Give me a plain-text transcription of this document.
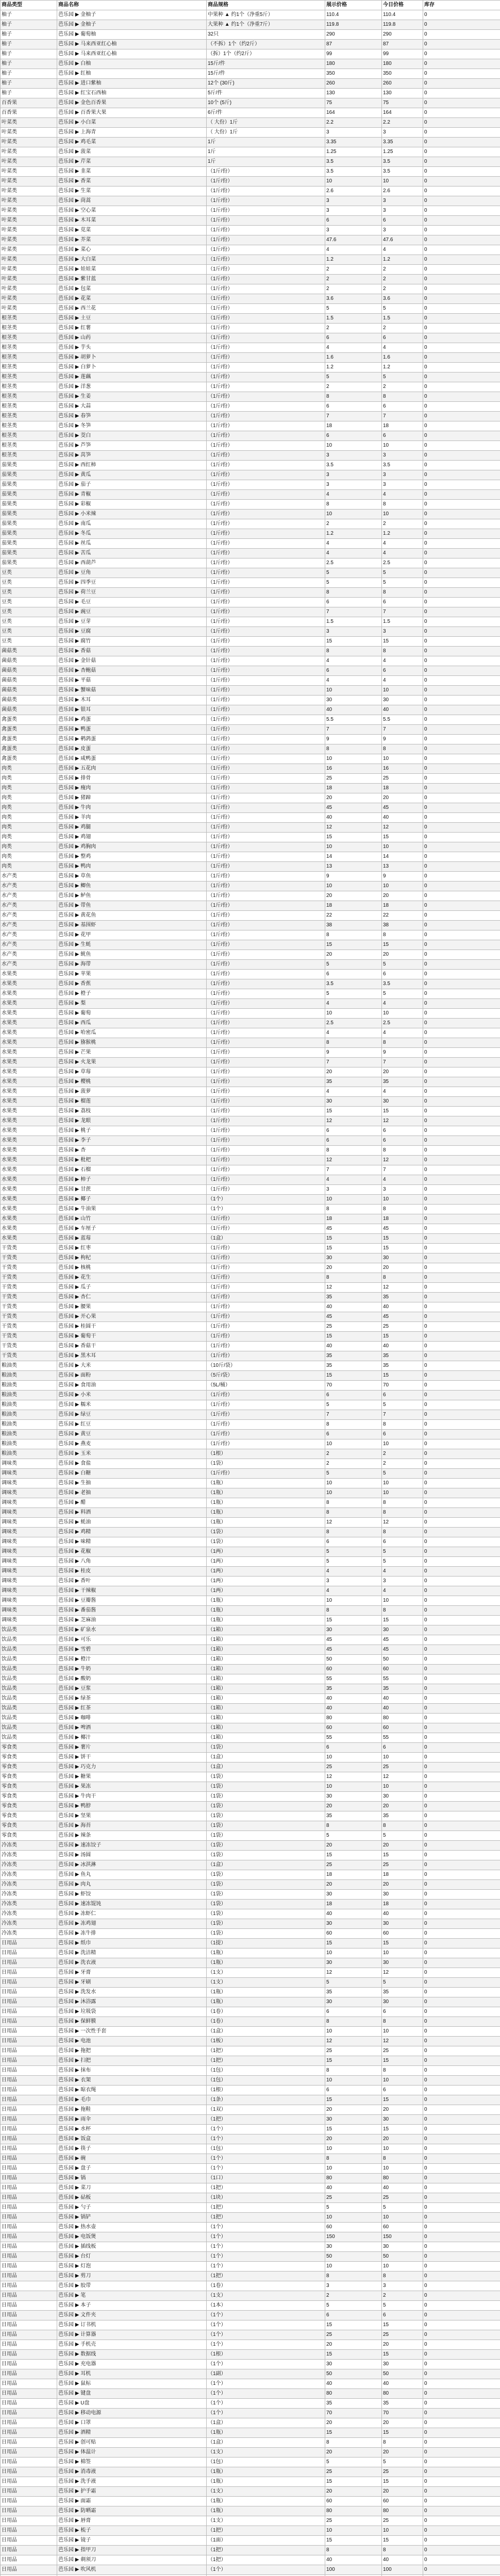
商品类型	商品名称	商品规格	展示价格	今日价格	库存
柚子	芭乐园 ▶ 金柚子	中果种 ▲ 约1个（净重5斤）	110.4	110.4	0
柚子	芭乐园 ▶ 金柚子	大果种 ▲ 约1个（净重7斤）	119.8	119.8	0
柚子	芭乐园 ▶ 葡萄柚	32只	290	290	0
柚子	芭乐园 ▶ 马来西亚红心柚	（不拆）1个（约2斤）	87	87	0
柚子	芭乐园 ▶ 马来西亚红心柚	（拆）1个（约2斤）	99	99	0
柚子	芭乐园 ▶ 白柚	15斤/件	180	180	0
柚子	芭乐园 ▶ 红柚	15斤/件	350	350	0
柚子	芭乐园 ▶ 进口紫柚	12个 (30斤)	260	260	0
柚子	芭乐园 ▶ 红宝石西柚	5斤/件	130	130	0
百香果	芭乐园 ▶ 金色百香果	10个 (5斤)	75	75	0
百香果	芭乐园 ▶ 百香果大果	6斤/件	164	164	0
叶菜类	芭乐园 ▶ 小白菜	（ 大份）1斤	2.2	2.2	0
叶菜类	芭乐园 ▶ 上海青	（ 大份）1斤	3	3	0
叶菜类	芭乐园 ▶ 鸡毛菜	1斤	3.35	3.35	0
叶菜类	芭乐园 ▶ 菠菜	1斤	1.25	1.25	0
叶菜类	芭乐园 ▶ 芹菜	1斤	3.5	3.5	0
叶菜类	芭乐园 ▶ 韭菜	（1斤/份）	3.5	3.5	0
叶菜类	芭乐园 ▶ 香菜	（1斤/份）	10	10	0
叶菜类	芭乐园 ▶ 生菜	（1斤/份）	2.6	2.6	0
叶菜类	芭乐园 ▶ 茼蒿	（1斤/份）	3	3	0
叶菜类	芭乐园 ▶ 空心菜	（1斤/份）	3	3	0
叶菜类	芭乐园 ▶ 木耳菜	（1斤/份）	6	6	0
叶菜类	芭乐园 ▶ 苋菜	（1斤/份）	3	3	0
叶菜类	芭乐园 ▶ 芥菜	（1斤/份）	47.6	47.6	0
叶菜类	芭乐园 ▶ 菜心	（1斤/份）	4	4	0
叶菜类	芭乐园 ▶ 大白菜	（1斤/份）	1.2	1.2	0
叶菜类	芭乐园 ▶ 娃娃菜	（1斤/份）	2	2	0
叶菜类	芭乐园 ▶ 紫甘蓝	（1斤/份）	2	2	0
叶菜类	芭乐园 ▶ 包菜	（1斤/份）	2	2	0
叶菜类	芭乐园 ▶ 花菜	（1斤/份）	3.6	3.6	0
叶菜类	芭乐园 ▶ 西兰花	（1斤/份）	5	5	0
根茎类	芭乐园 ▶ 土豆	（1斤/份）	1.5	1.5	0
根茎类	芭乐园 ▶ 红薯	（1斤/份）	2	2	0
根茎类	芭乐园 ▶ 山药	（1斤/份）	6	6	0
根茎类	芭乐园 ▶ 芋头	（1斤/份）	4	4	0
根茎类	芭乐园 ▶ 胡萝卜	（1斤/份）	1.6	1.6	0
根茎类	芭乐园 ▶ 白萝卜	（1斤/份）	1.2	1.2	0
根茎类	芭乐园 ▶ 莲藕	（1斤/份）	5	5	0
根茎类	芭乐园 ▶ 洋葱	（1斤/份）	2	2	0
根茎类	芭乐园 ▶ 生姜	（1斤/份）	8	8	0
根茎类	芭乐园 ▶ 大蒜	（1斤/份）	6	6	0
根茎类	芭乐园 ▶ 春笋	（1斤/份）	7	7	0
根茎类	芭乐园 ▶ 冬笋	（1斤/份）	18	18	0
根茎类	芭乐园 ▶ 茭白	（1斤/份）	6	6	0
根茎类	芭乐园 ▶ 芦笋	（1斤/份）	10	10	0
根茎类	芭乐园 ▶ 莴笋	（1斤/份）	3	3	0
茄果类	芭乐园 ▶ 西红柿	（1斤/份）	3.5	3.5	0
茄果类	芭乐园 ▶ 黄瓜	（1斤/份）	3	3	0
茄果类	芭乐园 ▶ 茄子	（1斤/份）	3	3	0
茄果类	芭乐园 ▶ 青椒	（1斤/份）	4	4	0
茄果类	芭乐园 ▶ 彩椒	（1斤/份）	8	8	0
茄果类	芭乐园 ▶ 小米辣	（1斤/份）	10	10	0
茄果类	芭乐园 ▶ 南瓜	（1斤/份）	2	2	0
茄果类	芭乐园 ▶ 冬瓜	（1斤/份）	1.2	1.2	0
茄果类	芭乐园 ▶ 丝瓜	（1斤/份）	4	4	0
茄果类	芭乐园 ▶ 苦瓜	（1斤/份）	4	4	0
茄果类	芭乐园 ▶ 西葫芦	（1斤/份）	2.5	2.5	0
豆类	芭乐园 ▶ 豆角	（1斤/份）	5	5	0
豆类	芭乐园 ▶ 四季豆	（1斤/份）	5	5	0
豆类	芭乐园 ▶ 荷兰豆	（1斤/份）	8	8	0
豆类	芭乐园 ▶ 毛豆	（1斤/份）	6	6	0
豆类	芭乐园 ▶ 豌豆	（1斤/份）	7	7	0
豆类	芭乐园 ▶ 豆芽	（1斤/份）	1.5	1.5	0
豆类	芭乐园 ▶ 豆腐	（1斤/份）	3	3	0
豆类	芭乐园 ▶ 腐竹	（1斤/份）	15	15	0
菌菇类	芭乐园 ▶ 香菇	（1斤/份）	8	8	0
菌菇类	芭乐园 ▶ 金针菇	（1斤/份）	4	4	0
菌菇类	芭乐园 ▶ 杏鲍菇	（1斤/份）	6	6	0
菌菇类	芭乐园 ▶ 平菇	（1斤/份）	4	4	0
菌菇类	芭乐园 ▶ 蟹味菇	（1斤/份）	10	10	0
菌菇类	芭乐园 ▶ 木耳	（1斤/份）	30	30	0
菌菇类	芭乐园 ▶ 银耳	（1斤/份）	40	40	0
禽蛋类	芭乐园 ▶ 鸡蛋	（1斤/份）	5.5	5.5	0
禽蛋类	芭乐园 ▶ 鸭蛋	（1斤/份）	7	7	0
禽蛋类	芭乐园 ▶ 鹌鹑蛋	（1斤/份）	9	9	0
禽蛋类	芭乐园 ▶ 皮蛋	（1斤/份）	8	8	0
禽蛋类	芭乐园 ▶ 咸鸭蛋	（1斤/份）	10	10	0
肉类	芭乐园 ▶ 五花肉	（1斤/份）	16	16	0
肉类	芭乐园 ▶ 排骨	（1斤/份）	25	25	0
肉类	芭乐园 ▶ 瘦肉	（1斤/份）	18	18	0
肉类	芭乐园 ▶ 猪蹄	（1斤/份）	20	20	0
肉类	芭乐园 ▶ 牛肉	（1斤/份）	45	45	0
肉类	芭乐园 ▶ 羊肉	（1斤/份）	40	40	0
肉类	芭乐园 ▶ 鸡腿	（1斤/份）	12	12	0
肉类	芭乐园 ▶ 鸡翅	（1斤/份）	15	15	0
肉类	芭乐园 ▶ 鸡胸肉	（1斤/份）	10	10	0
肉类	芭乐园 ▶ 整鸡	（1斤/份）	14	14	0
肉类	芭乐园 ▶ 鸭肉	（1斤/份）	13	13	0
水产类	芭乐园 ▶ 草鱼	（1斤/份）	9	9	0
水产类	芭乐园 ▶ 鲫鱼	（1斤/份）	10	10	0
水产类	芭乐园 ▶ 鲈鱼	（1斤/份）	20	20	0
水产类	芭乐园 ▶ 带鱼	（1斤/份）	18	18	0
水产类	芭乐园 ▶ 黄花鱼	（1斤/份）	22	22	0
水产类	芭乐园 ▶ 基围虾	（1斤/份）	38	38	0
水产类	芭乐园 ▶ 花甲	（1斤/份）	8	8	0
水产类	芭乐园 ▶ 生蚝	（1斤/份）	15	15	0
水产类	芭乐园 ▶ 鱿鱼	（1斤/份）	20	20	0
水产类	芭乐园 ▶ 海带	（1斤/份）	5	5	0
水果类	芭乐园 ▶ 苹果	（1斤/份）	6	6	0
水果类	芭乐园 ▶ 香蕉	（1斤/份）	3.5	3.5	0
水果类	芭乐园 ▶ 橙子	（1斤/份）	5	5	0
水果类	芭乐园 ▶ 梨	（1斤/份）	4	4	0
水果类	芭乐园 ▶ 葡萄	（1斤/份）	10	10	0
水果类	芭乐园 ▶ 西瓜	（1斤/份）	2.5	2.5	0
水果类	芭乐园 ▶ 哈密瓜	（1斤/份）	4	4	0
水果类	芭乐园 ▶ 猕猴桃	（1斤/份）	8	8	0
水果类	芭乐园 ▶ 芒果	（1斤/份）	9	9	0
水果类	芭乐园 ▶ 火龙果	（1斤/份）	7	7	0
水果类	芭乐园 ▶ 草莓	（1斤/份）	20	20	0
水果类	芭乐园 ▶ 樱桃	（1斤/份）	35	35	0
水果类	芭乐园 ▶ 菠萝	（1斤/份）	4	4	0
水果类	芭乐园 ▶ 榴莲	（1斤/份）	30	30	0
水果类	芭乐园 ▶ 荔枝	（1斤/份）	15	15	0
水果类	芭乐园 ▶ 龙眼	（1斤/份）	12	12	0
水果类	芭乐园 ▶ 桃子	（1斤/份）	6	6	0
水果类	芭乐园 ▶ 李子	（1斤/份）	6	6	0
水果类	芭乐园 ▶ 杏	（1斤/份）	8	8	0
水果类	芭乐园 ▶ 枇杷	（1斤/份）	12	12	0
水果类	芭乐园 ▶ 石榴	（1斤/份）	7	7	0
水果类	芭乐园 ▶ 柿子	（1斤/份）	4	4	0
水果类	芭乐园 ▶ 甘蔗	（1斤/份）	3	3	0
水果类	芭乐园 ▶ 椰子	（1个）	10	10	0
水果类	芭乐园 ▶ 牛油果	（1个）	8	8	0
水果类	芭乐园 ▶ 山竹	（1斤/份）	18	18	0
水果类	芭乐园 ▶ 车厘子	（1斤/份）	45	45	0
水果类	芭乐园 ▶ 蓝莓	（1盒）	15	15	0
干货类	芭乐园 ▶ 红枣	（1斤/份）	15	15	0
干货类	芭乐园 ▶ 枸杞	（1斤/份）	30	30	0
干货类	芭乐园 ▶ 核桃	（1斤/份）	20	20	0
干货类	芭乐园 ▶ 花生	（1斤/份）	8	8	0
干货类	芭乐园 ▶ 瓜子	（1斤/份）	12	12	0
干货类	芭乐园 ▶ 杏仁	（1斤/份）	35	35	0
干货类	芭乐园 ▶ 腰果	（1斤/份）	40	40	0
干货类	芭乐园 ▶ 开心果	（1斤/份）	45	45	0
干货类	芭乐园 ▶ 桂圆干	（1斤/份）	25	25	0
干货类	芭乐园 ▶ 葡萄干	（1斤/份）	15	15	0
干货类	芭乐园 ▶ 香菇干	（1斤/份）	40	40	0
干货类	芭乐园 ▶ 黑木耳	（1斤/份）	35	35	0
粮油类	芭乐园 ▶ 大米	（10斤/袋）	35	35	0
粮油类	芭乐园 ▶ 面粉	（5斤/袋）	15	15	0
粮油类	芭乐园 ▶ 食用油	（5L/桶）	70	70	0
粮油类	芭乐园 ▶ 小米	（1斤/份）	6	6	0
粮油类	芭乐园 ▶ 糯米	（1斤/份）	5	5	0
粮油类	芭乐园 ▶ 绿豆	（1斤/份）	7	7	0
粮油类	芭乐园 ▶ 红豆	（1斤/份）	8	8	0
粮油类	芭乐园 ▶ 黄豆	（1斤/份）	6	6	0
粮油类	芭乐园 ▶ 燕麦	（1斤/份）	10	10	0
粮油类	芭乐园 ▶ 玉米	（1根）	2	2	0
调味类	芭乐园 ▶ 食盐	（1袋）	2	2	0
调味类	芭乐园 ▶ 白糖	（1斤/份）	5	5	0
调味类	芭乐园 ▶ 生抽	（1瓶）	10	10	0
调味类	芭乐园 ▶ 老抽	（1瓶）	10	10	0
调味类	芭乐园 ▶ 醋	（1瓶）	8	8	0
调味类	芭乐园 ▶ 料酒	（1瓶）	8	8	0
调味类	芭乐园 ▶ 蚝油	（1瓶）	12	12	0
调味类	芭乐园 ▶ 鸡精	（1袋）	8	8	0
调味类	芭乐园 ▶ 味精	（1袋）	6	6	0
调味类	芭乐园 ▶ 花椒	（1两）	5	5	0
调味类	芭乐园 ▶ 八角	（1两）	5	5	0
调味类	芭乐园 ▶ 桂皮	（1两）	4	4	0
调味类	芭乐园 ▶ 香叶	（1两）	3	3	0
调味类	芭乐园 ▶ 干辣椒	（1两）	4	4	0
调味类	芭乐园 ▶ 豆瓣酱	（1瓶）	10	10	0
调味类	芭乐园 ▶ 番茄酱	（1瓶）	8	8	0
调味类	芭乐园 ▶ 芝麻油	（1瓶）	15	15	0
饮品类	芭乐园 ▶ 矿泉水	（1箱）	30	30	0
饮品类	芭乐园 ▶ 可乐	（1箱）	45	45	0
饮品类	芭乐园 ▶ 雪碧	（1箱）	45	45	0
饮品类	芭乐园 ▶ 橙汁	（1箱）	50	50	0
饮品类	芭乐园 ▶ 牛奶	（1箱）	60	60	0
饮品类	芭乐园 ▶ 酸奶	（1箱）	55	55	0
饮品类	芭乐园 ▶ 豆浆	（1箱）	35	35	0
饮品类	芭乐园 ▶ 绿茶	（1箱）	40	40	0
饮品类	芭乐园 ▶ 红茶	（1箱）	40	40	0
饮品类	芭乐园 ▶ 咖啡	（1箱）	80	80	0
饮品类	芭乐园 ▶ 啤酒	（1箱）	60	60	0
饮品类	芭乐园 ▶ 椰汁	（1箱）	55	55	0
零食类	芭乐园 ▶ 薯片	（1袋）	6	6	0
零食类	芭乐园 ▶ 饼干	（1盒）	10	10	0
零食类	芭乐园 ▶ 巧克力	（1盒）	25	25	0
零食类	芭乐园 ▶ 糖果	（1袋）	12	12	0
零食类	芭乐园 ▶ 果冻	（1袋）	10	10	0
零食类	芭乐园 ▶ 牛肉干	（1袋）	30	30	0
零食类	芭乐园 ▶ 鸭脖	（1袋）	20	20	0
零食类	芭乐园 ▶ 坚果	（1袋）	35	35	0
零食类	芭乐园 ▶ 海苔	（1袋）	8	8	0
零食类	芭乐园 ▶ 辣条	（1袋）	5	5	0
冷冻类	芭乐园 ▶ 速冻饺子	（1袋）	20	20	0
冷冻类	芭乐园 ▶ 汤圆	（1袋）	15	15	0
冷冻类	芭乐园 ▶ 冰淇淋	（1盒）	25	25	0
冷冻类	芭乐园 ▶ 鱼丸	（1袋）	18	18	0
冷冻类	芭乐园 ▶ 肉丸	（1袋）	20	20	0
冷冻类	芭乐园 ▶ 虾饺	（1袋）	30	30	0
冷冻类	芭乐园 ▶ 速冻馄饨	（1袋）	18	18	0
冷冻类	芭乐园 ▶ 冻虾仁	（1袋）	40	40	0
冷冻类	芭乐园 ▶ 冻鸡翅	（1袋）	30	30	0
冷冻类	芭乐园 ▶ 冻牛排	（1袋）	60	60	0
日用品	芭乐园 ▶ 纸巾	（1提）	15	15	0
日用品	芭乐园 ▶ 洗洁精	（1瓶）	10	10	0
日用品	芭乐园 ▶ 洗衣液	（1瓶）	30	30	0
日用品	芭乐园 ▶ 牙膏	（1支）	12	12	0
日用品	芭乐园 ▶ 牙刷	（1支）	5	5	0
日用品	芭乐园 ▶ 洗发水	（1瓶）	35	35	0
日用品	芭乐园 ▶ 沐浴露	（1瓶）	30	30	0
日用品	芭乐园 ▶ 垃圾袋	（1卷）	6	6	0
日用品	芭乐园 ▶ 保鲜膜	（1卷）	8	8	0
日用品	芭乐园 ▶ 一次性手套	（1盒）	10	10	0
日用品	芭乐园 ▶ 电池	（1板）	12	12	0
日用品	芭乐园 ▶ 拖把	（1把）	25	25	0
日用品	芭乐园 ▶ 扫把	（1把）	15	15	0
日用品	芭乐园 ▶ 抹布	（1包）	8	8	0
日用品	芭乐园 ▶ 衣架	（1包）	10	10	0
日用品	芭乐园 ▶ 晾衣绳	（1根）	6	6	0
日用品	芭乐园 ▶ 毛巾	（1条）	15	15	0
日用品	芭乐园 ▶ 拖鞋	（1双）	20	20	0
日用品	芭乐园 ▶ 雨伞	（1把）	30	30	0
日用品	芭乐园 ▶ 水杯	（1个）	15	15	0
日用品	芭乐园 ▶ 饭盒	（1个）	20	20	0
日用品	芭乐园 ▶ 筷子	（1包）	10	10	0
日用品	芭乐园 ▶ 碗	（1个）	8	8	0
日用品	芭乐园 ▶ 盘子	（1个）	10	10	0
日用品	芭乐园 ▶ 锅	（1口）	80	80	0
日用品	芭乐园 ▶ 菜刀	（1把）	40	40	0
日用品	芭乐园 ▶ 砧板	（1块）	25	25	0
日用品	芭乐园 ▶ 勺子	（1把）	5	5	0
日用品	芭乐园 ▶ 锅铲	（1把）	10	10	0
日用品	芭乐园 ▶ 热水壶	（1个）	60	60	0
日用品	芭乐园 ▶ 电饭煲	（1个）	150	150	0
日用品	芭乐园 ▶ 插线板	（1个）	30	30	0
日用品	芭乐园 ▶ 台灯	（1个）	50	50	0
日用品	芭乐园 ▶ 灯泡	（1个）	10	10	0
日用品	芭乐园 ▶ 剪刀	（1把）	8	8	0
日用品	芭乐园 ▶ 胶带	（1卷）	3	3	0
日用品	芭乐园 ▶ 笔	（1支）	2	2	0
日用品	芭乐园 ▶ 本子	（1本）	5	5	0
日用品	芭乐园 ▶ 文件夹	（1个）	6	6	0
日用品	芭乐园 ▶ 订书机	（1个）	15	15	0
日用品	芭乐园 ▶ 计算器	（1个）	25	25	0
日用品	芭乐园 ▶ 手机壳	（1个）	20	20	0
日用品	芭乐园 ▶ 数据线	（1根）	15	15	0
日用品	芭乐园 ▶ 充电器	（1个）	30	30	0
日用品	芭乐园 ▶ 耳机	（1副）	50	50	0
日用品	芭乐园 ▶ 鼠标	（1个）	40	40	0
日用品	芭乐园 ▶ 键盘	（1个）	80	80	0
日用品	芭乐园 ▶ U盘	（1个）	35	35	0
日用品	芭乐园 ▶ 移动电源	（1个）	70	70	0
日用品	芭乐园 ▶ 口罩	（1盒）	20	20	0
日用品	芭乐园 ▶ 酒精	（1瓶）	15	15	0
日用品	芭乐园 ▶ 创可贴	（1盒）	8	8	0
日用品	芭乐园 ▶ 体温计	（1支）	20	20	0
日用品	芭乐园 ▶ 棉签	（1包）	5	5	0
日用品	芭乐园 ▶ 消毒液	（1瓶）	25	25	0
日用品	芭乐园 ▶ 洗手液	（1瓶）	15	15	0
日用品	芭乐园 ▶ 护手霜	（1支）	20	20	0
日用品	芭乐园 ▶ 面霜	（1瓶）	60	60	0
日用品	芭乐园 ▶ 防晒霜	（1瓶）	80	80	0
日用品	芭乐园 ▶ 唇膏	（1支）	25	25	0
日用品	芭乐园 ▶ 梳子	（1把）	10	10	0
日用品	芭乐园 ▶ 镜子	（1面）	15	15	0
日用品	芭乐园 ▶ 指甲刀	（1把）	8	8	0
日用品	芭乐园 ▶ 剃须刀	（1把）	40	40	0
日用品	芭乐园 ▶ 吹风机	（1个）	100	100	0
